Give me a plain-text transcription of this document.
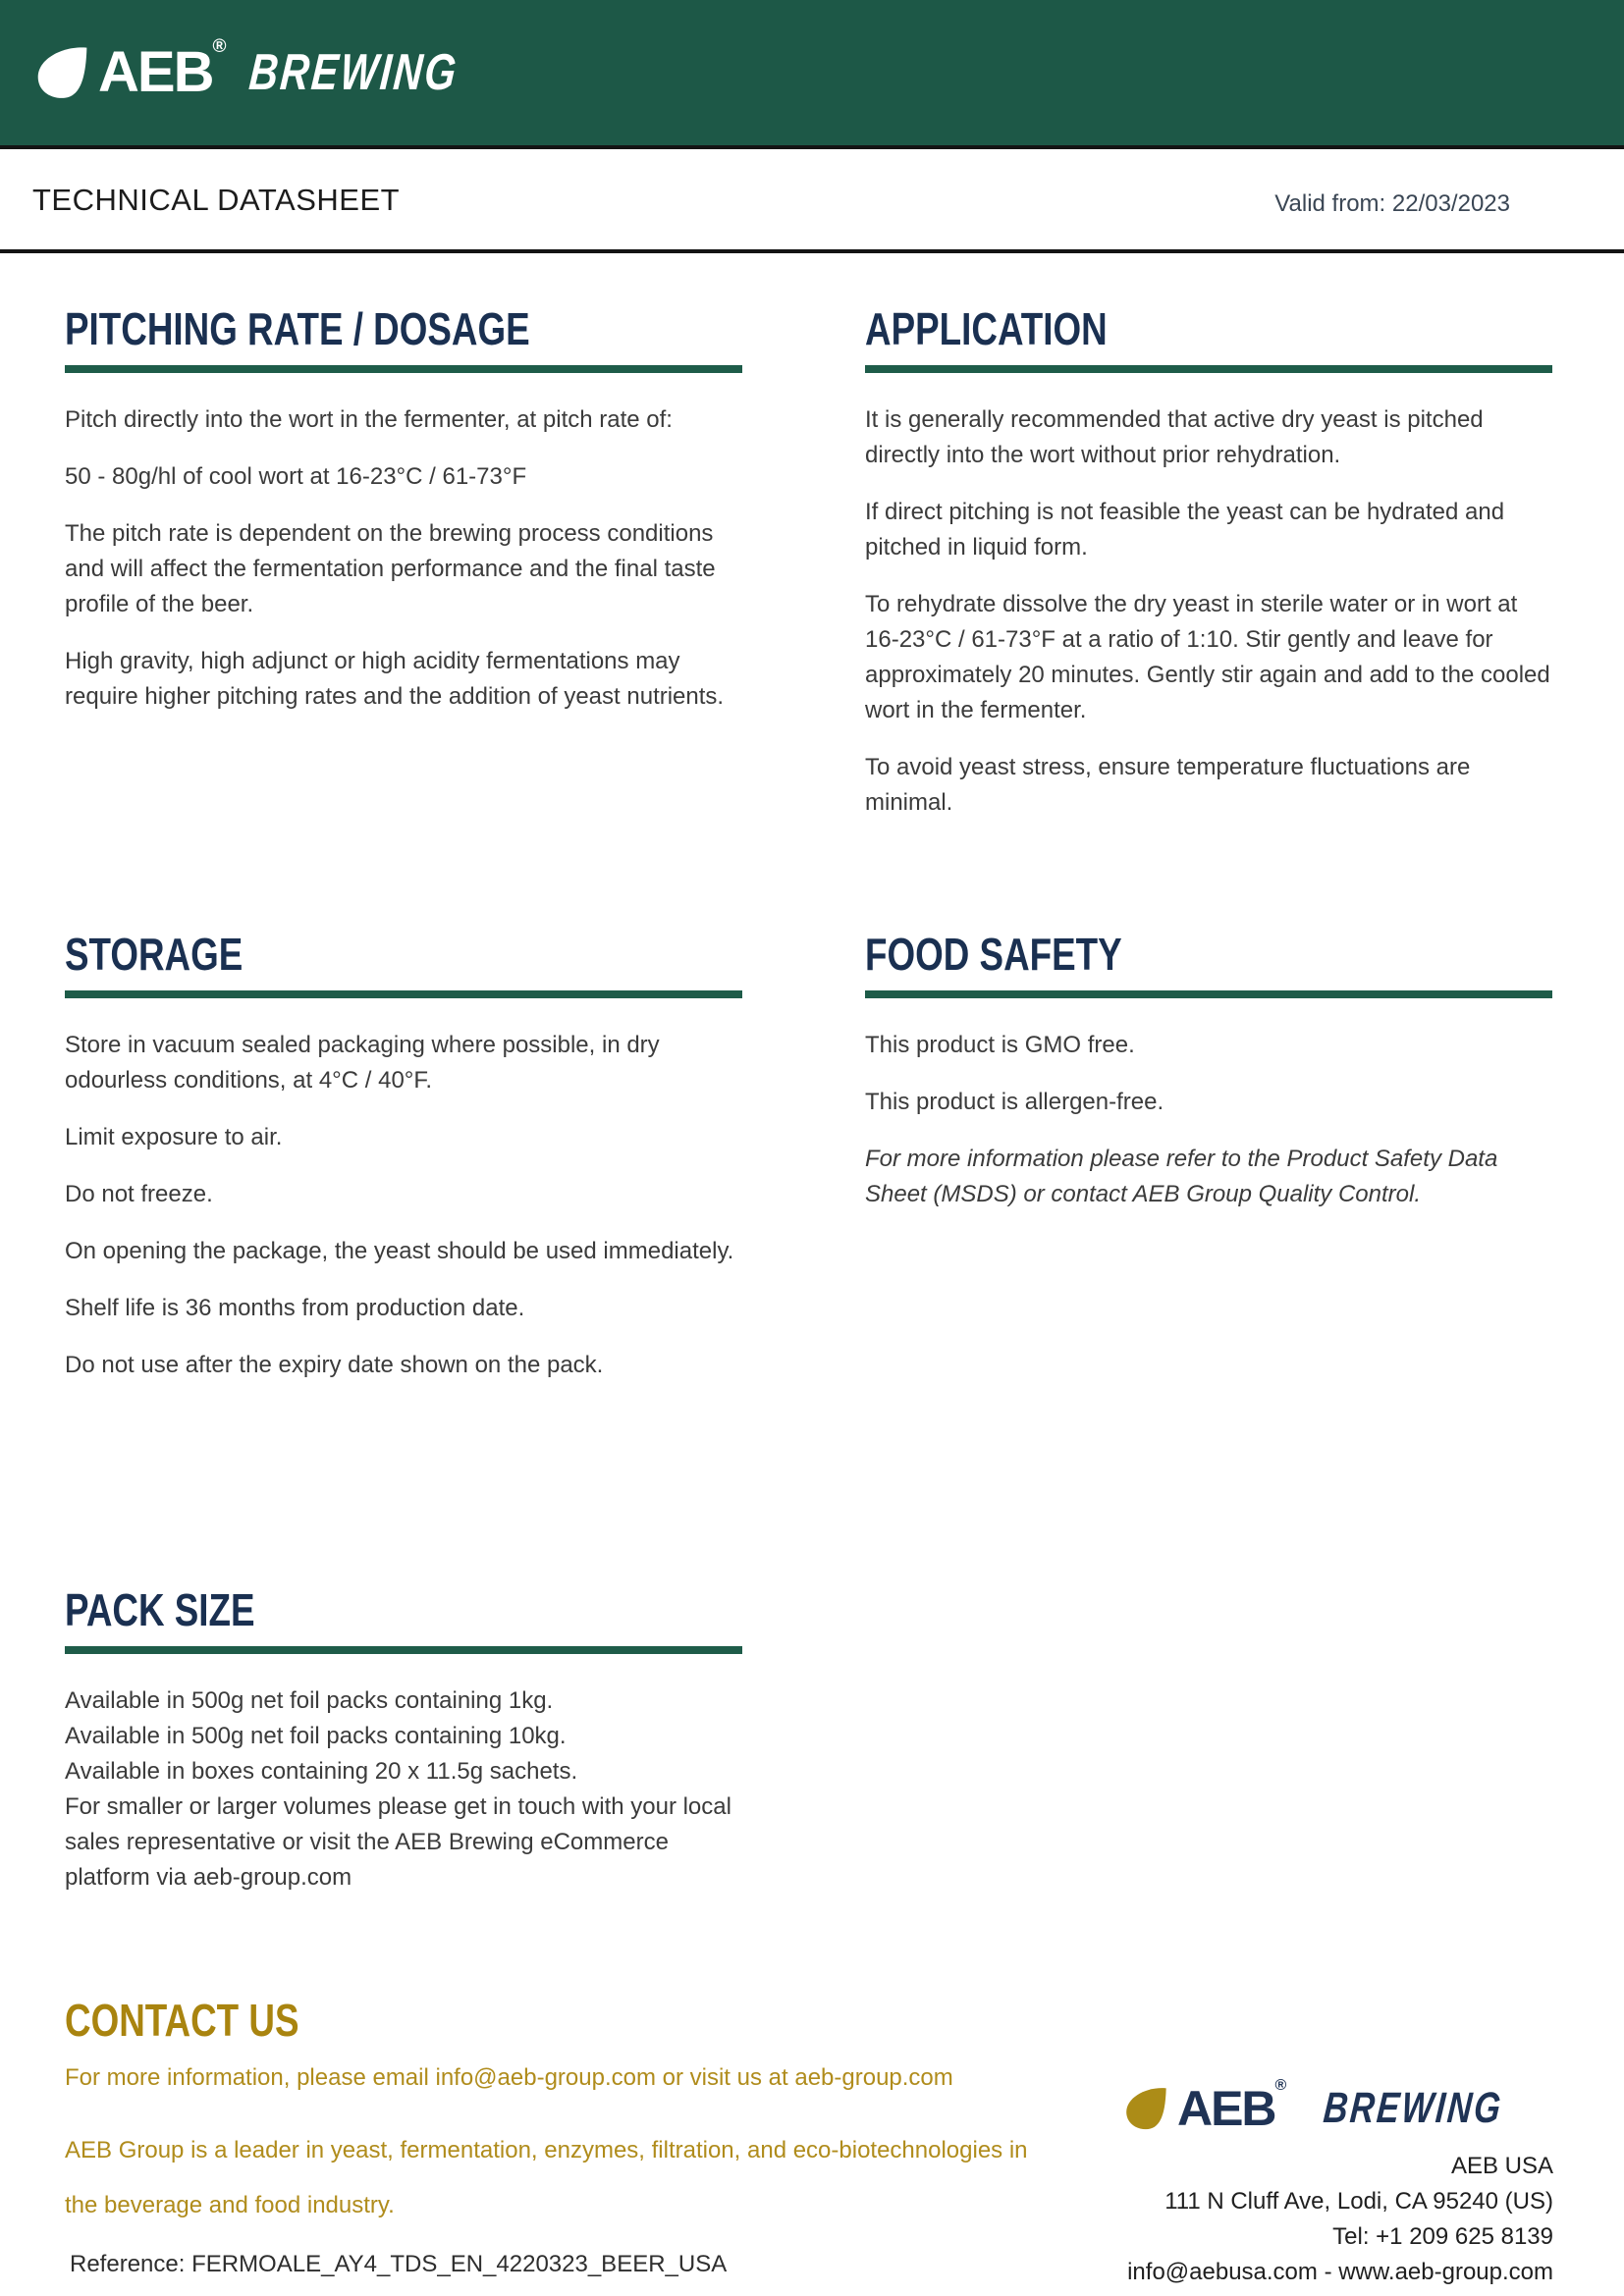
AEB® BREWING
TECHNICAL DATASHEET	Valid from: 22/03/2023
PITCHING RATE / DOSAGE

Pitch directly into the wort in the fermenter, at pitch rate of:

50 - 80g/hl of cool wort at 16-23°C / 61-73°F

The pitch rate is dependent on the brewing process conditions and will affect the fermentation performance and the final taste profile of the beer.

High gravity, high adjunct or high acidity fermentations may require higher pitching rates and the addition of yeast nutrients.

APPLICATION

It is generally recommended that active dry yeast is pitched directly into the wort without prior rehydration.

If direct pitching is not feasible the yeast can be hydrated and pitched in liquid form.

To rehydrate dissolve the dry yeast in sterile water or in wort at 16-23°C / 61-73°F at a ratio of 1:10. Stir gently and leave for approximately 20 minutes. Gently stir again and add to the cooled wort in the fermenter.

To avoid yeast stress, ensure temperature fluctuations are minimal.

STORAGE

Store in vacuum sealed packaging where possible, in dry odourless conditions, at 4°C / 40°F.

Limit exposure to air.

Do not freeze.

On opening the package, the yeast should be used immediately.

Shelf life is 36 months from production date.

Do not use after the expiry date shown on the pack.

FOOD SAFETY

This product is GMO free.

This product is allergen-free.

For more information please refer to the Product Safety Data Sheet (MSDS) or contact AEB Group Quality Control.

PACK SIZE
Available in 500g net foil packs containing 1kg.
Available in 500g net foil packs containing 10kg.
Available in boxes containing 20 x 11.5g sachets.

For smaller or larger volumes please get in touch with your local sales representative or visit the AEB Brewing eCommerce platform via aeb-group.com

CONTACT US

For more information, please email info@aeb-group.com or visit us at aeb-group.com

AEB Group is a leader in yeast, fermentation, enzymes, filtration, and eco-biotechnologies in the beverage and food industry.

Reference: FERMOALE_AY4_TDS_EN_4220323_BEER_USA
AEB® BREWING
AEB USA
111 N Cluff Ave, Lodi, CA 95240 (US)
Tel: +1 209 625 8139
info@aebusa.com - www.aeb-group.com
